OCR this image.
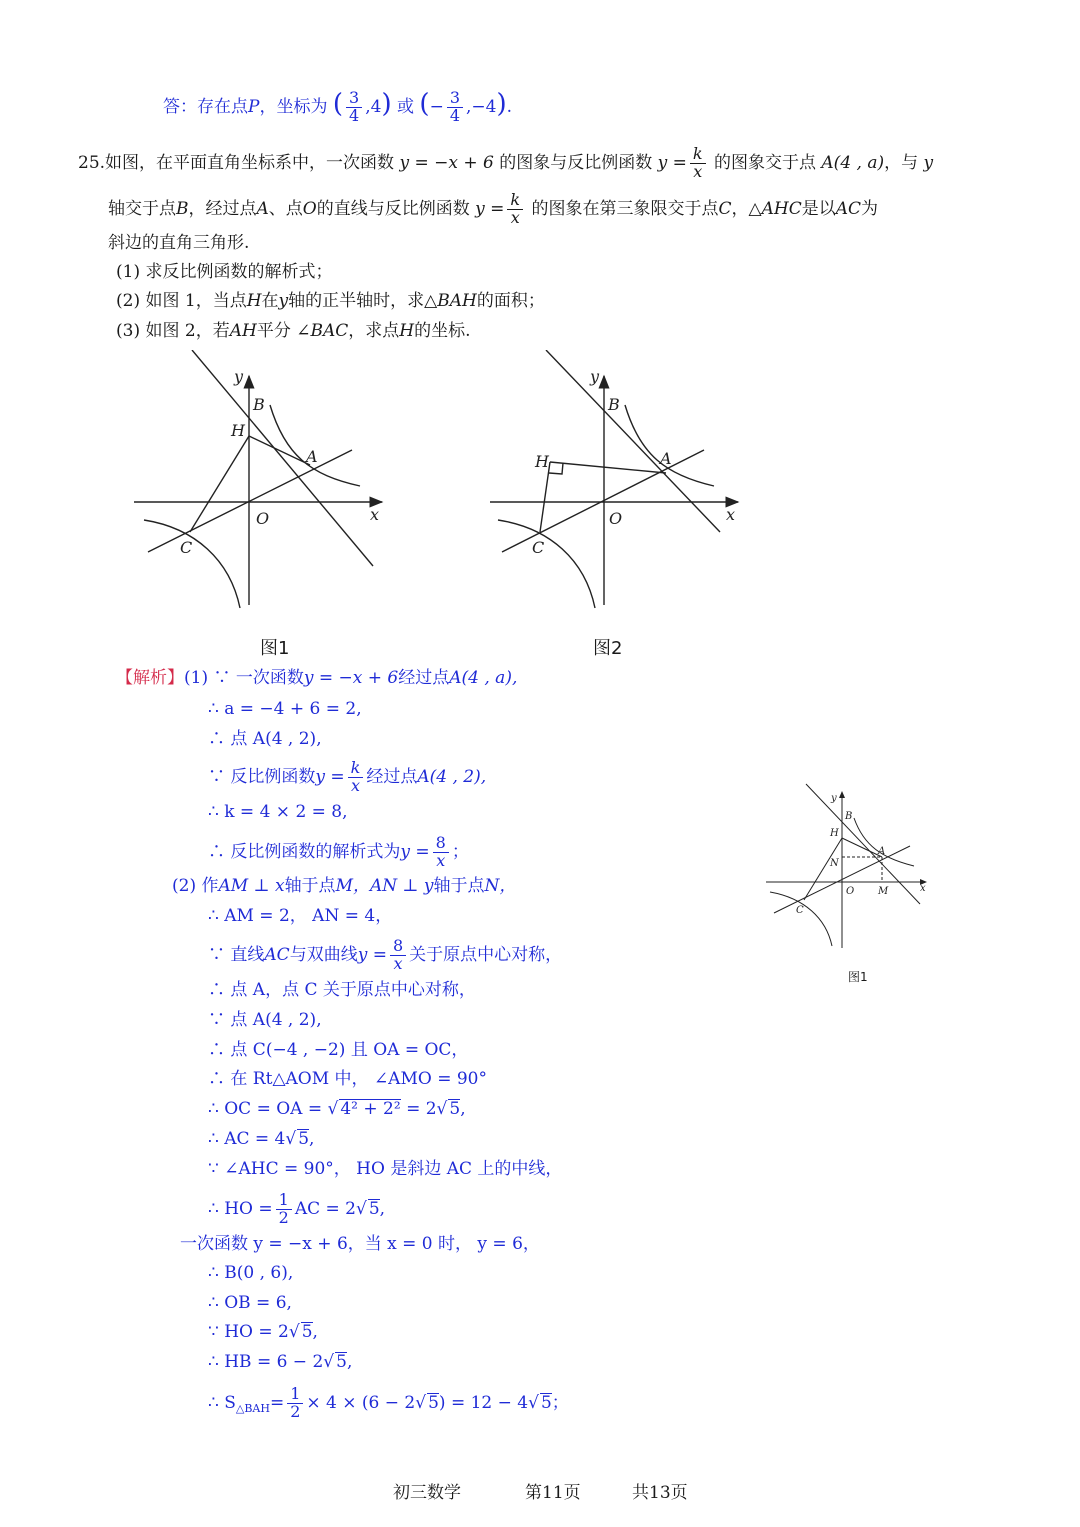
答：存在点P，坐标为 ( $\frac{3}{4} ,4$) 或 (− $\frac{3}{4} ,-4$).
25.如图，在平面直角坐标系中，一次函数 y = −x + 6 的图象与反比例函数 $y = \frac{k}{x}$ 的图象交于点 A(4 , a)，与 y
轴交于点B，经过点A、点O的直线与反比例函数 $y = \frac{k}{x}$ 的图象在第三象限交于点C，△AHC是以AC为
斜边的直角三角形.
(1) 求反比例函数的解析式；
(2) 如图 1，当点H在y轴的正半轴时，求△BAH的面积；
(3) 如图 2，若AH平分 ∠BAC，求点H的坐标.
y
B
H
A
O	x
C
图1
y
B
H	A
O	x
C
图2
【解析】(1) ∵ 一次函数y = −x + 6经过点A(4 , a),
∴ a = −4 + 6 = 2,
∴ 点 A(4 , 2),
∵ 反比例函数$y = \frac{k}{x}$ 经过点A(4 , 2),
∴ k = 4 × 2 = 8,
∴ 反比例函数的解析式为$y = \frac{8}{x}$ ；
(2) 作AM ⊥ x轴于点M，AN ⊥ y轴于点N，
∴ AM = 2， AN = 4，
∵ 直线AC与双曲线$y = \frac{8}{x}$ 关于原点中心对称，
∴ 点 A，点 C 关于原点中心对称，
∵ 点 A(4 , 2),
∴ 点 C(−4 , −2) 且 OA = OC，
∴ 在 Rt△AOM 中， ∠AMO = 90°
∴ OC = OA = √ 4² + 2² = 2√ 5,
∴ AC = 4√ 5,
∵ ∠AHC = 90°， HO 是斜边 AC 上的中线，
∴ HO = $\frac{1}{2}$ AC = 2√ 5,
一次函数 y = −x + 6，当 x = 0 时， y = 6，
∴ B(0 , 6),
∴ OB = 6,
∵ HO = 2√ 5,
∴ HB = 6 − 2√ 5,
∴ $S_{\triangle BAH}= \frac{1}{2} \times 4 \times (6 - 2√$ 5) = 12 − 4√ 5；
y
B
H
N
A
O M	x
C
图1
初三数学	第11页	共13页
